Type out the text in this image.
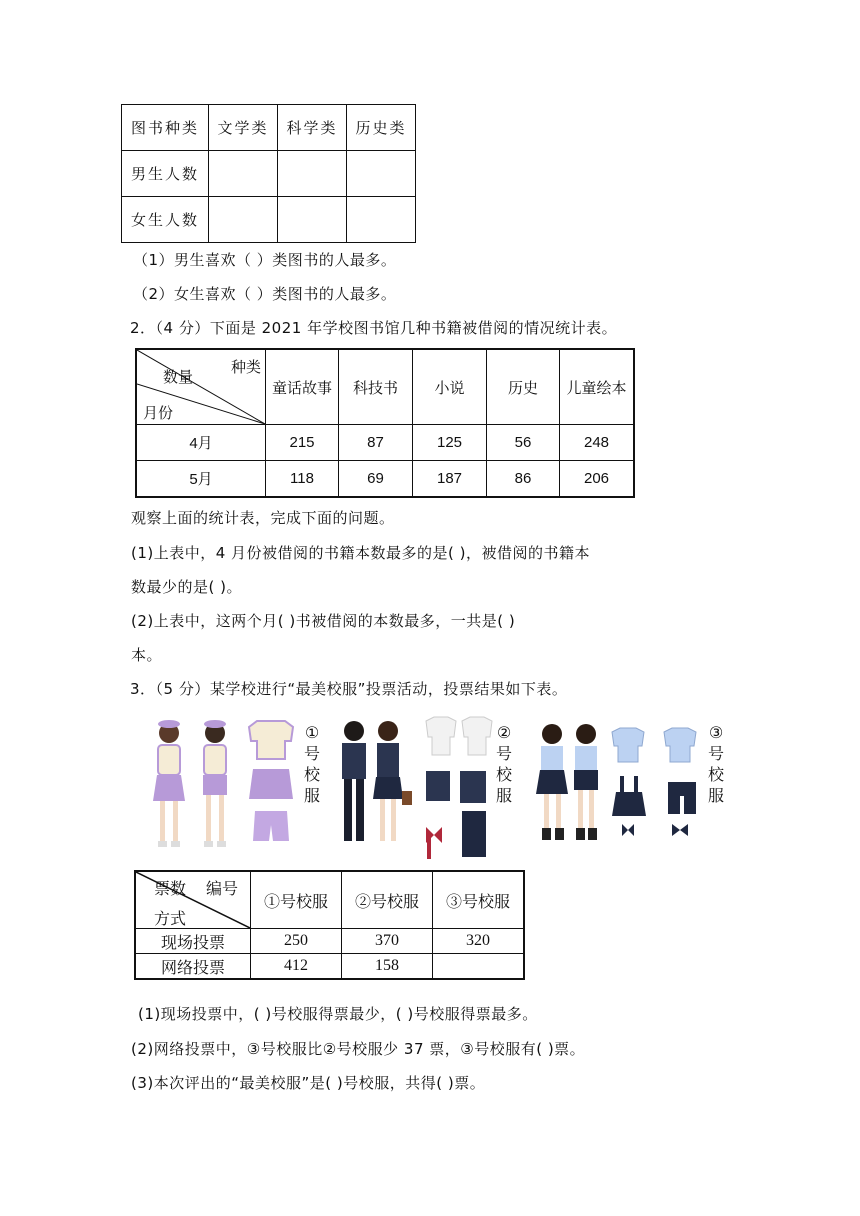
图书种类	文学类	科学类	历史类
男生人数			
女生人数			
（1）男生喜欢（ ）类图书的人最多。
（2）女生喜欢（ ）类图书的人最多。
2．（4 分）下面是 2021 年学校图书馆几种书籍被借阅的情况统计表。
种类
数量
月份	童话故事	科技书	小说	历史	儿童绘本
4月	215	87	125	56	248
5月	118	69	187	86	206
观察上面的统计表，完成下面的问题。
(1)上表中，4 月份被借阅的书籍本数最多的是( )，被借阅的书籍本
数最少的是( )。
(2)上表中，这两个月( )书被借阅的本数最多，一共是( )
本。
3．（5 分）某学校进行“最美校服”投票活动，投票结果如下表。
①
号
校
服
②
号
校
服
③
号
校
服
票数 编号
方式	①号校服	②号校服	③号校服
现场投票	250	370	320
网络投票	412	158	
(1)现场投票中，( )号校服得票最少，( )号校服得票最多。
(2)网络投票中，③号校服比②号校服少 37 票，③号校服有( )票。
(3)本次评出的“最美校服”是( )号校服，共得( )票。
